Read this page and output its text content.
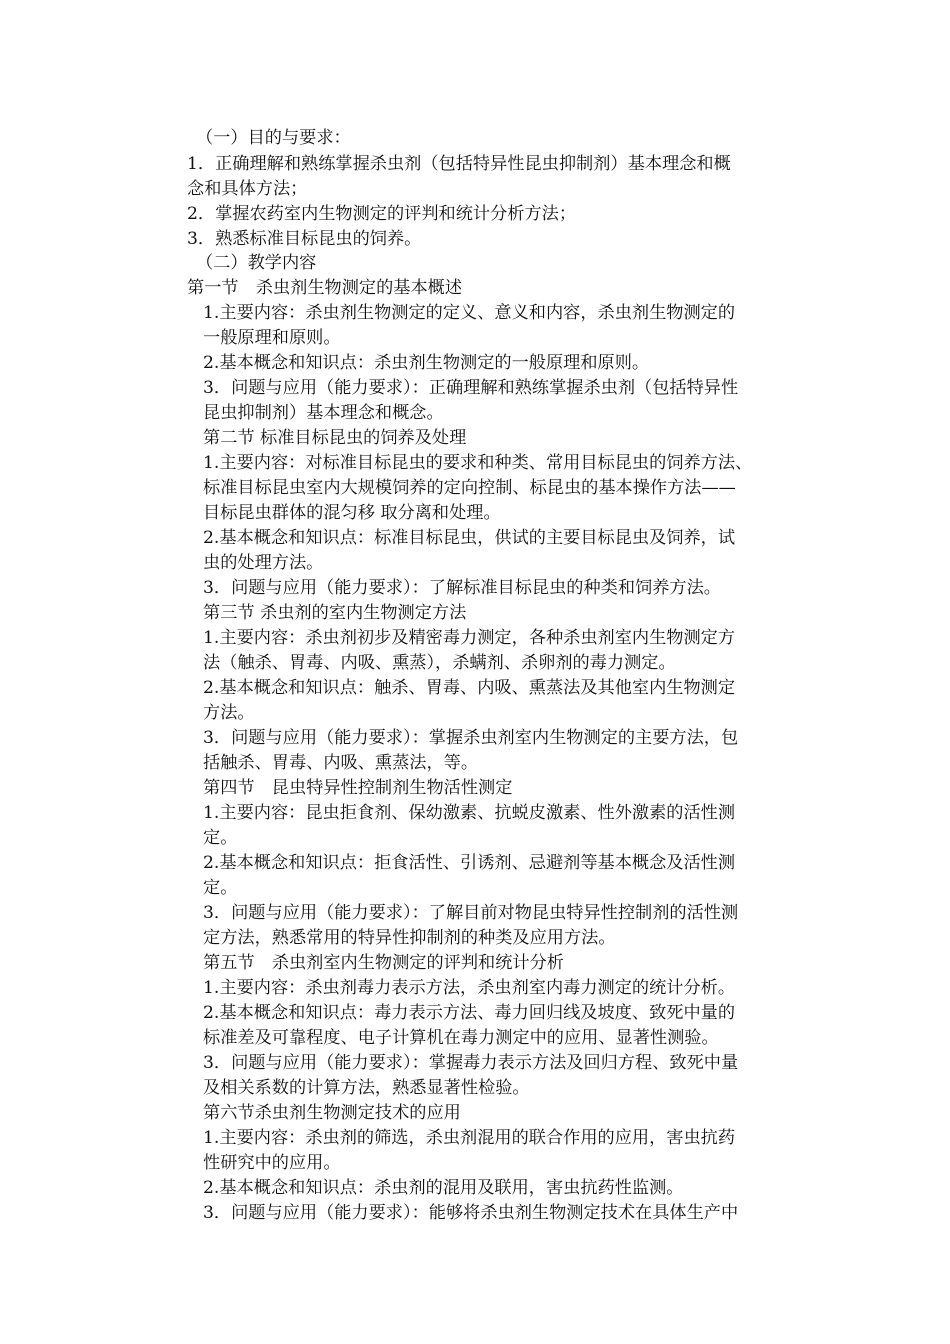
（一）目的与要求：
1．正确理解和熟练掌握杀虫剂（包括特异性昆虫抑制剂）基本理念和概
念和具体方法；
2．掌握农药室内生物测定的评判和统计分析方法；
3．熟悉标准目标昆虫的饲养。
（二）教学内容
第一节　杀虫剂生物测定的基本概述
1.主要内容：杀虫剂生物测定的定义、意义和内容，杀虫剂生物测定的
一般原理和原则。
2.基本概念和知识点：杀虫剂生物测定的一般原理和原则。
3．问题与应用（能力要求）：正确理解和熟练掌握杀虫剂（包括特异性
昆虫抑制剂）基本理念和概念。
第二节 标准目标昆虫的饲养及处理
1.主要内容：对标准目标昆虫的要求和种类、常用目标昆虫的饲养方法、
标准目标昆虫室内大规模饲养的定向控制、标昆虫的基本操作方法——
目标昆虫群体的混匀移 取分离和处理。
2.基本概念和知识点：标准目标昆虫，供试的主要目标昆虫及饲养，试
虫的处理方法。
3．问题与应用（能力要求）：了解标准目标昆虫的种类和饲养方法。
第三节 杀虫剂的室内生物测定方法
1.主要内容：杀虫剂初步及精密毒力测定，各种杀虫剂室内生物测定方
法（触杀、胃毒、内吸、熏蒸），杀螨剂、杀卵剂的毒力测定。
2.基本概念和知识点：触杀、胃毒、内吸、熏蒸法及其他室内生物测定
方法。
3．问题与应用（能力要求）：掌握杀虫剂室内生物测定的主要方法，包
括触杀、胃毒、内吸、熏蒸法，等。
第四节　昆虫特异性控制剂生物活性测定
1.主要内容：昆虫拒食剂、保幼激素、抗蜕皮激素、性外激素的活性测
定。
2.基本概念和知识点：拒食活性、引诱剂、忌避剂等基本概念及活性测
定。
3．问题与应用（能力要求）：了解目前对物昆虫特异性控制剂的活性测
定方法，熟悉常用的特异性抑制剂的种类及应用方法。
第五节　杀虫剂室内生物测定的评判和统计分析
1.主要内容：杀虫剂毒力表示方法，杀虫剂室内毒力测定的统计分析。
2.基本概念和知识点：毒力表示方法、毒力回归线及坡度、致死中量的
标准差及可靠程度、电子计算机在毒力测定中的应用、显著性测验。
3．问题与应用（能力要求）：掌握毒力表示方法及回归方程、致死中量
及相关系数的计算方法，熟悉显著性检验。
第六节杀虫剂生物测定技术的应用
1.主要内容：杀虫剂的筛选，杀虫剂混用的联合作用的应用，害虫抗药
性研究中的应用。
2.基本概念和知识点：杀虫剂的混用及联用，害虫抗药性监测。
3．问题与应用（能力要求）：能够将杀虫剂生物测定技术在具体生产中
